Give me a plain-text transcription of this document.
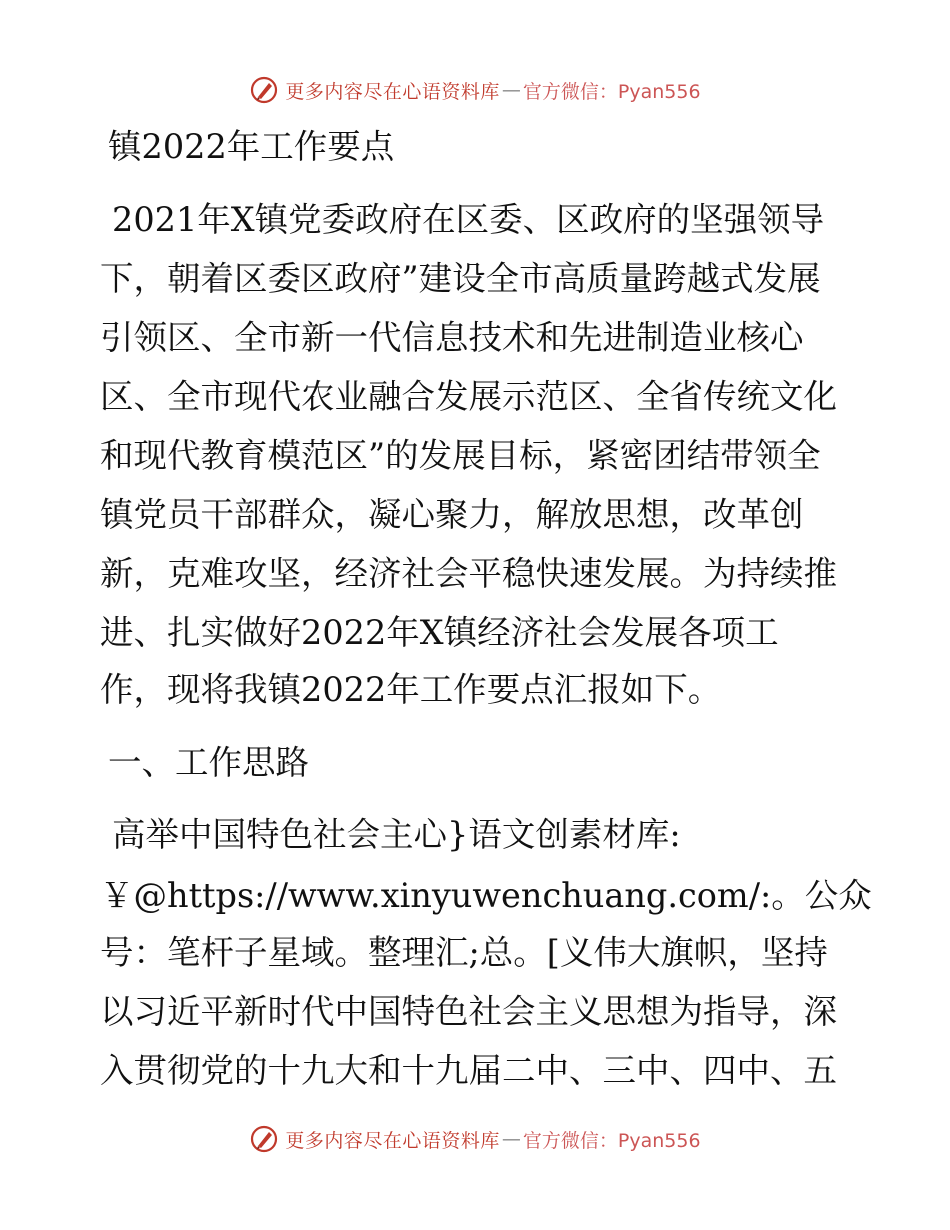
更多内容尽在心语资料库 — 官方微信：Pyan556
镇2022年工作要点
2021年X镇党委政府在区委、区政府的坚强领导
下，朝着区委区政府”建设全市高质量跨越式发展
引领区、全市新一代信息技术和先进制造业核心
区、全市现代农业融合发展示范区、全省传统文化
和现代教育模范区”的发展目标，紧密团结带领全
镇党员干部群众，凝心聚力，解放思想，改革创
新，克难攻坚，经济社会平稳快速发展。为持续推
进、扎实做好2022年X镇经济社会发展各项工
作，现将我镇2022年工作要点汇报如下。
一、工作思路
高举中国特色社会主心}语文创素材库:
￥@https://www.xinyuwenchuang.com/:。公众
号：笔杆子星域。整理汇;总。[义伟大旗帜，坚持
以习近平新时代中国特色社会主义思想为指导，深
入贯彻党的十九大和十九届二中、三中、四中、五
更多内容尽在心语资料库 — 官方微信：Pyan556
